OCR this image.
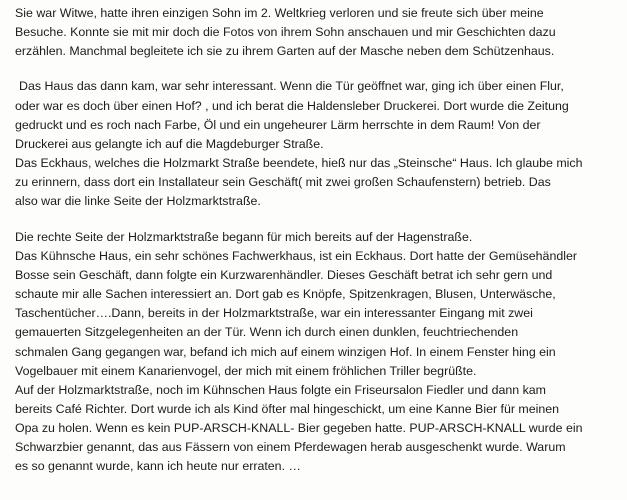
Sie war Witwe, hatte ihren einzigen Sohn im 2. Weltkrieg verloren und sie freute sich über meine
Besuche. Konnte sie mit mir doch die Fotos von ihrem Sohn anschauen und mir Geschichten dazu
erzählen. Manchmal begleitete ich sie zu ihrem Garten auf der Masche neben dem Schützenhaus.
Das Haus das dann kam, war sehr interessant. Wenn die Tür geöffnet war, ging ich über einen Flur,
oder war es doch über einen Hof? , und ich berat die Haldensleber Druckerei. Dort wurde die Zeitung
gedruckt und es roch nach Farbe, Öl und ein ungeheurer Lärm herrschte in dem Raum! Von der
Druckerei aus gelangte ich auf die Magdeburger Straße.
Das Eckhaus, welches die Holzmarkt Straße beendete, hieß nur das „Steinsche“ Haus. Ich glaube mich
zu erinnern, dass dort ein Installateur sein Geschäft( mit zwei großen Schaufenstern) betrieb. Das
also war die linke Seite der Holzmarktstraße.
Die rechte Seite der Holzmarktstraße begann für mich bereits auf der Hagenstraße.
Das Kühnsche Haus, ein sehr schönes Fachwerkhaus, ist ein Eckhaus. Dort hatte der Gemüsehändler
Bosse sein Geschäft, dann folgte ein Kurzwarenhändler. Dieses Geschäft betrat ich sehr gern und
schaute mir alle Sachen interessiert an. Dort gab es Knöpfe, Spitzenkragen, Blusen, Unterwäsche,
Taschentücher….Dann, bereits in der Holzmarktstraße, war ein interessanter Eingang mit zwei
gemauerten Sitzgelegenheiten an der Tür. Wenn ich durch einen dunklen, feuchtriechenden
schmalen Gang gegangen war, befand ich mich auf einem winzigen Hof. In einem Fenster hing ein
Vogelbauer mit einem Kanarienvogel, der mich mit einem fröhlichen Triller begrüßte.
Auf der Holzmarktstraße, noch im Kühnschen Haus folgte ein Friseursalon Fiedler und dann kam
bereits Café Richter. Dort wurde ich als Kind öfter mal hingeschickt, um eine Kanne Bier für meinen
Opa zu holen. Wenn es kein PUP-ARSCH-KNALL- Bier gegeben hatte. PUP-ARSCH-KNALL wurde ein
Schwarzbier genannt, das aus Fässern von einem Pferdewagen herab ausgeschenkt wurde. Warum
es so genannt wurde, kann ich heute nur erraten. …
